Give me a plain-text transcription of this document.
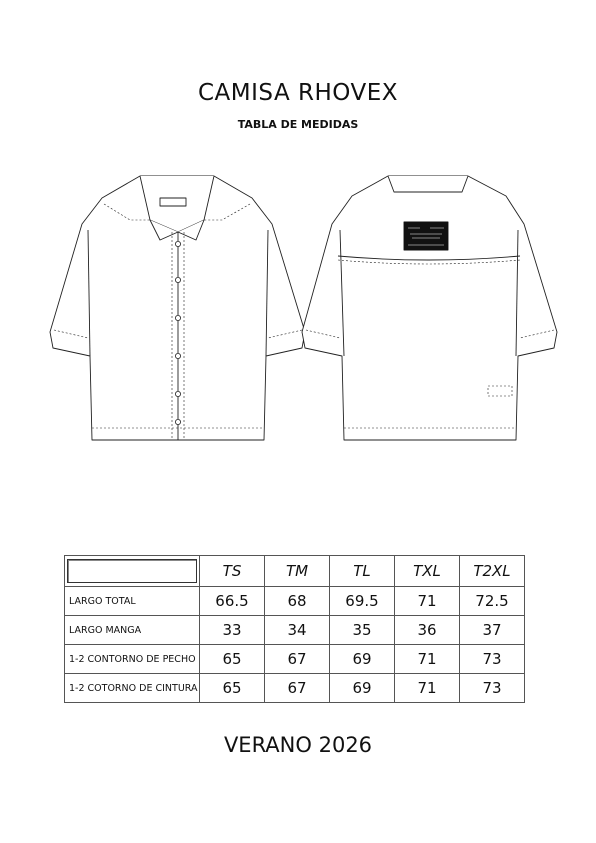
CAMISA RHOVEX
TABLA DE MEDIDAS
	TS	TM	TL	TXL	T2XL
LARGO TOTAL	66.5	68	69.5	71	72.5
LARGO MANGA	33	34	35	36	37
1-2 CONTORNO DE PECHO	65	67	69	71	73
1-2 COTORNO DE CINTURA	65	67	69	71	73
VERANO 2026
